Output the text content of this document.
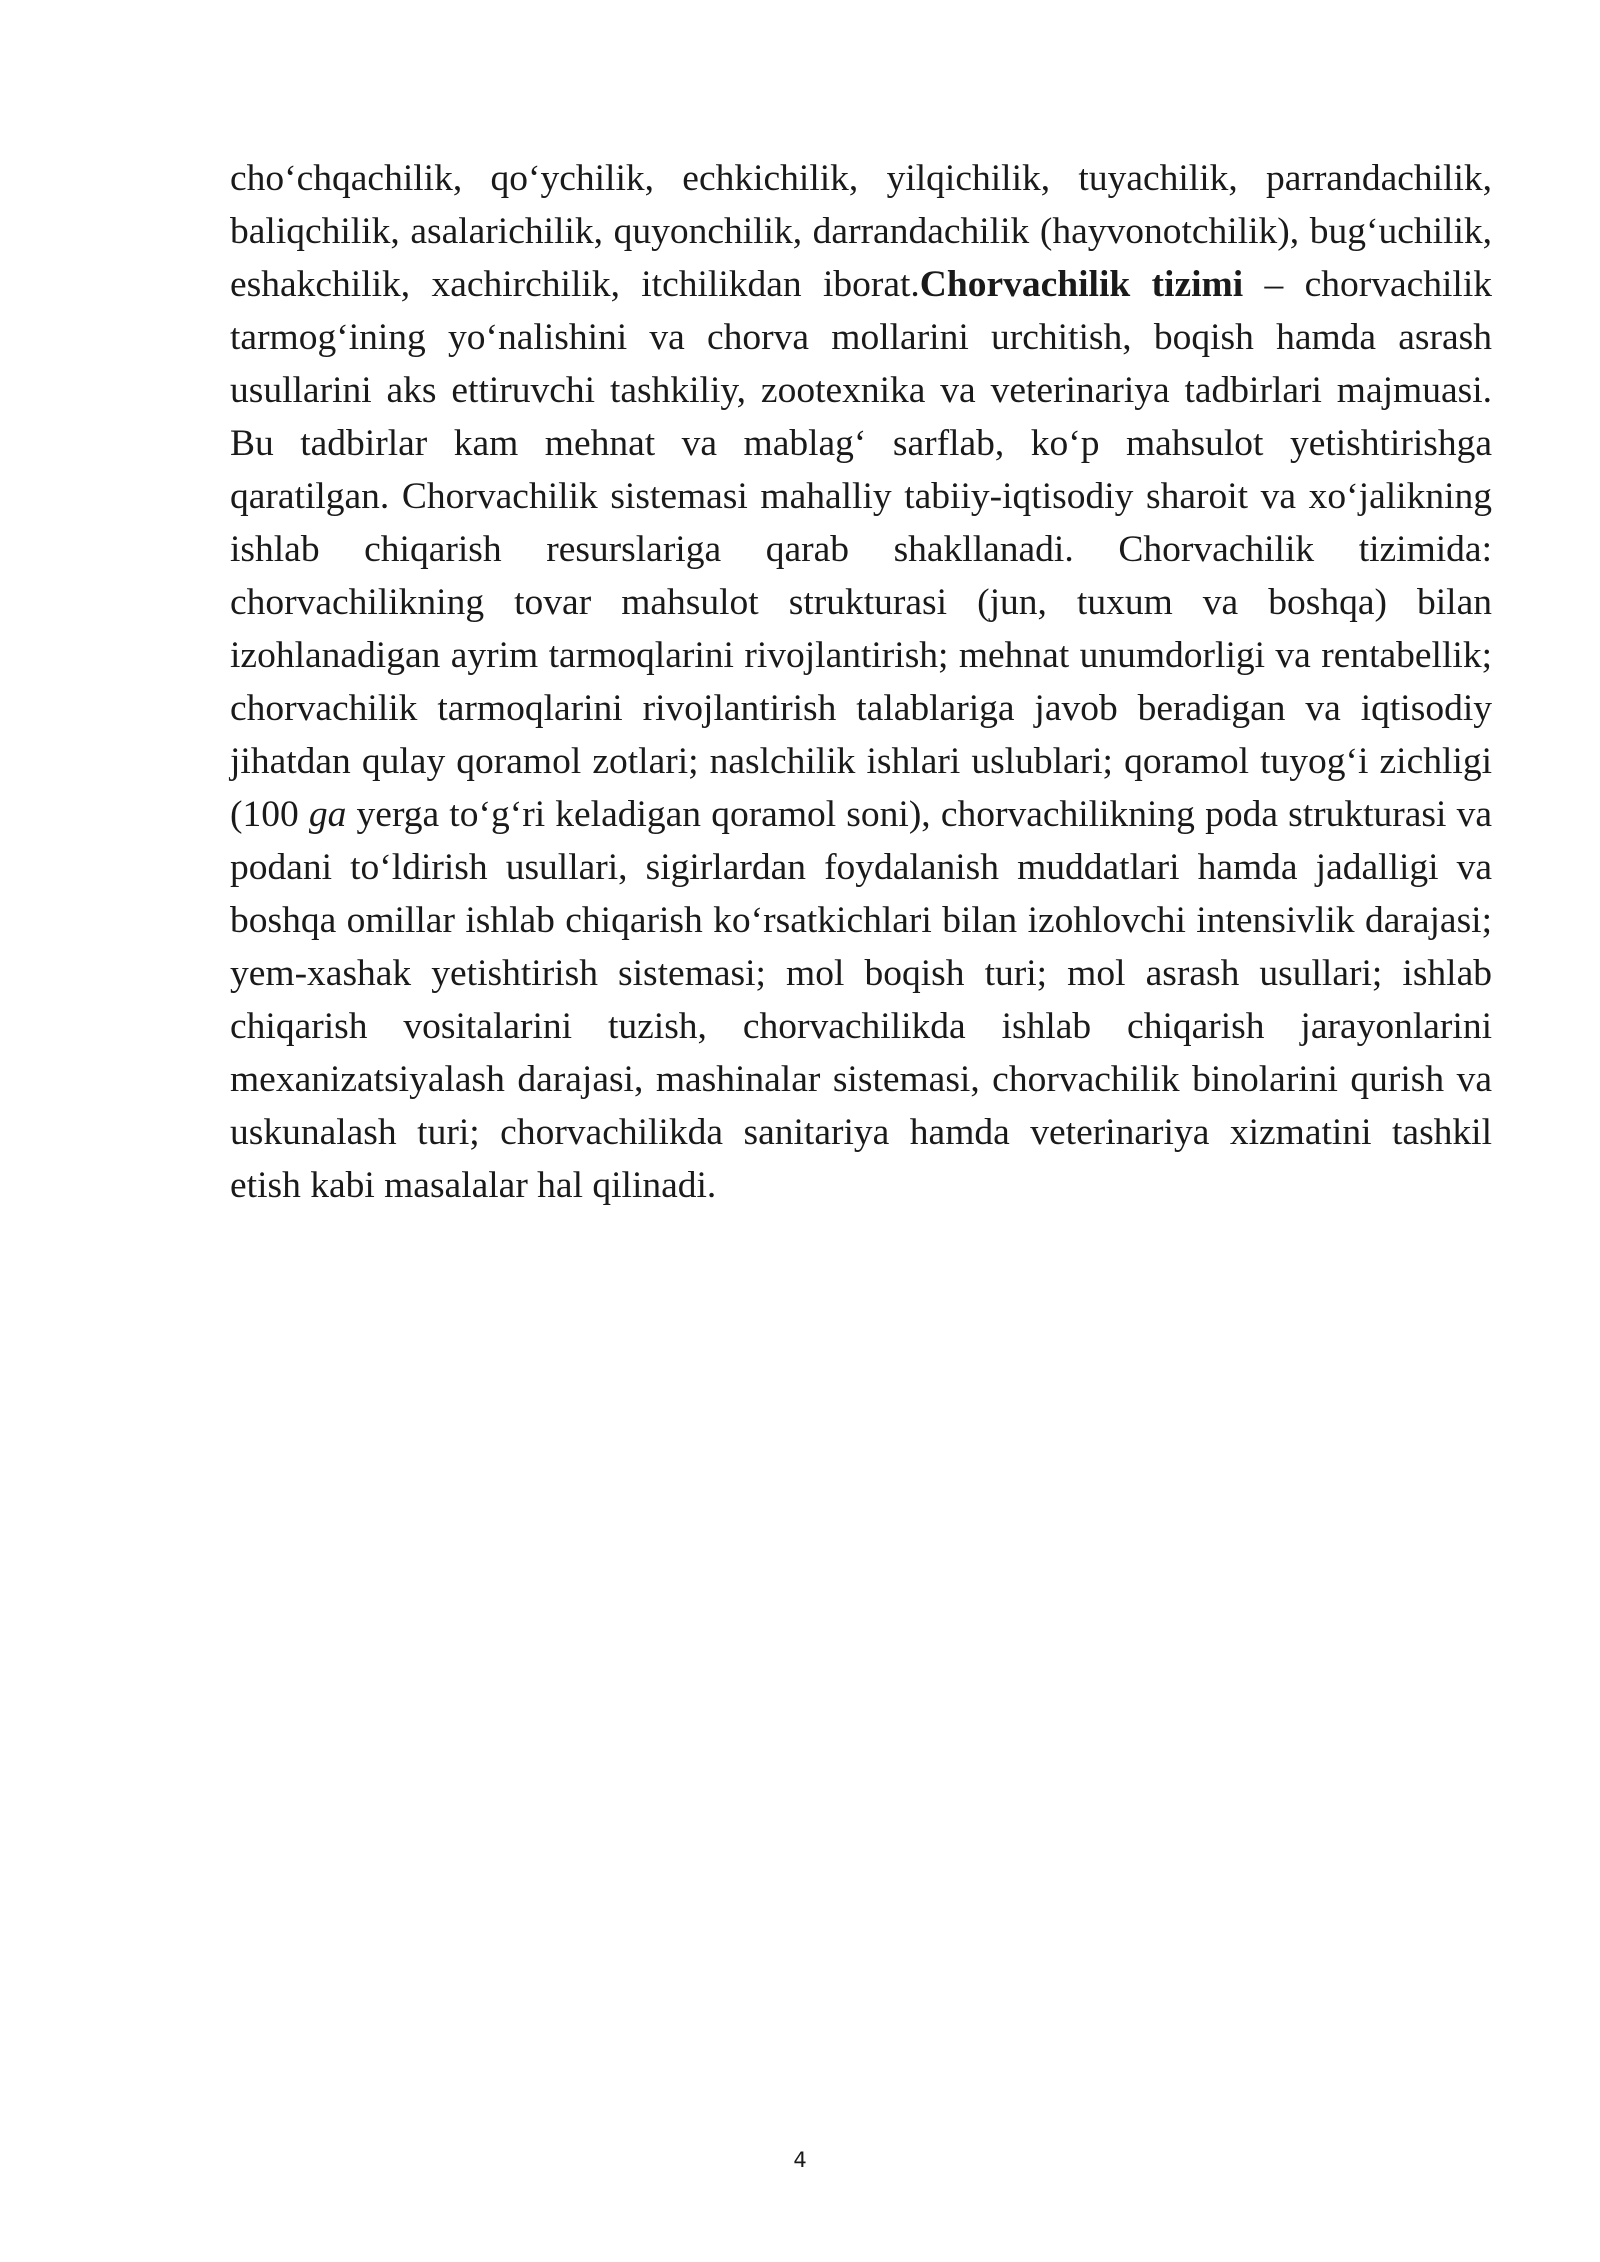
cho‘chqachilik, qo‘ychilik, echkichilik, yilqichilik, tuyachilik, parrandachilik, baliqchilik, asalarichilik, quyonchilik, darrandachilik (hayvonotchilik), bug‘uchilik, eshakchilik, xachirchilik, itchilikdan iborat.Chorvachilik tizimi – chorvachilik tarmog‘ining yo‘nalishini va chorva mollarini urchitish, boqish hamda asrash usullarini aks ettiruvchi tashkiliy, zootexnika va veterinariya tadbirlari majmuasi. Bu tadbirlar kam mehnat va mablag‘ sarflab, ko‘p mahsulot yetishtirishga qaratilgan. Chorvachilik sistemasi mahalliy tabiiy-iqtisodiy sharoit va xo‘jalikning ishlab chiqarish resurslariga qarab shakllanadi. Chorvachilik tizimida: chorvachilikning tovar mahsulot strukturasi (jun, tuxum va boshqa) bilan izohlanadigan ayrim tarmoqlarini rivojlantirish; mehnat unumdorligi va rentabellik; chorvachilik tarmoqlarini rivojlantirish talablariga javob beradigan va iqtisodiy jihatdan qulay qoramol zotlari; naslchilik ishlari uslublari; qoramol tuyog‘i zichligi (100 ga yerga to‘g‘ri keladigan qoramol soni), chorvachilikning poda strukturasi va podani to‘ldirish usullari, sigirlardan foydalanish muddatlari hamda jadalligi va boshqa omillar ishlab chiqarish ko‘rsatkichlari bilan izohlovchi intensivlik darajasi; yem-xashak yetishtirish sistemasi; mol boqish turi; mol asrash usullari; ishlab chiqarish vositalarini tuzish, chorvachilikda ishlab chiqarish jarayonlarini mexanizatsiyalash darajasi, mashinalar sistemasi, chorvachilik binolarini qurish va uskunalash turi; chorvachilikda sanitariya hamda veterinariya xizmatini tashkil etish kabi masalalar hal qilinadi.

4
